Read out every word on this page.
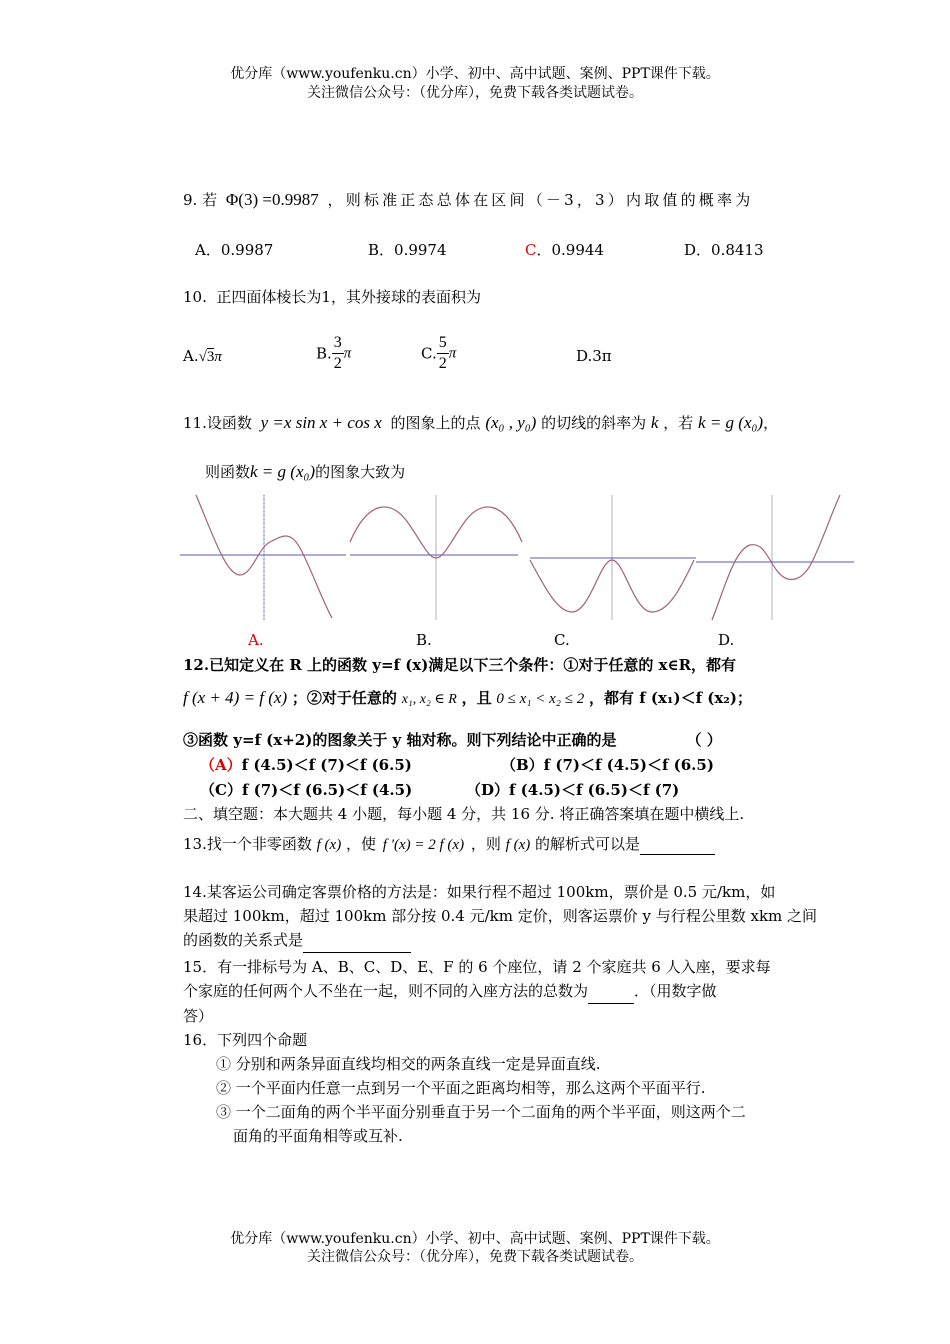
优分库（www.youfenku.cn）小学、初中、高中试题、案例、PPT课件下载。
关注微信公众号：（优分库），免费下载各类试题试卷。
9. 若 Φ(3) =0.9987 ，则标准正态总体在区间（－3，3）内取值的概率为
A．0.9987	B．0.9974	C．0.9944	D．0.8413
10. 正四面体棱长为1，其外接球的表面积为
A.√3π	B. $\frac{3}{2}$ π	C. $\frac{5}{2}$ π	D.3π
11.设函数 y =x sin x + cos x 的图象上的点 (x₀ , y₀) 的切线的斜率为 k ，若 k = g (x₀)，
则函数k = g (x₀)的图象大致为
A.	B.	C.	D.
12.已知定义在 R 上的函数 y=f (x)满足以下三个条件：①对于任意的 x∈R，都有
f (x + 4) = f (x) ；②对于任意的 x₁, x₂ ∈ R ，且 0 ≤ x₁ < x₂ ≤ 2 ，都有 f (x₁)＜f (x₂)；
③函数 y=f (x+2)的图象关于 y 轴对称。则下列结论中正确的是	（ ）
（A）f (4.5)＜f (7)＜f (6.5)	（B）f (7)＜f (4.5)＜f (6.5)
（C）f (7)＜f (6.5)＜f (4.5)	（D）f (4.5)＜f (6.5)＜f (7)
二、填空题：本大题共 4 小题，每小题 4 分，共 16 分. 将正确答案填在题中横线上.
13.找一个非零函数 f (x) ，使 f ′(x) = 2 f (x) ，则 f (x) 的解析式可以是

14.某客运公司确定客票价格的方法是：如果行程不超过 100km，票价是 0.5 元/km，如

果超过 100km，超过 100km 部分按 0.4 元/km 定价，则客运票价 y 与行程公里数 xkm 之间

的函数的关系式是

15．有一排标号为 A、B、C、D、E、F 的 6 个座位，请 2 个家庭共 6 人入座，要求每

个家庭的任何两个人不坐在一起，则不同的入座方法的总数为	．（用数字做

答）

16．下列四个命题

① 分别和两条异面直线均相交的两条直线一定是异面直线.

② 一个平面内任意一点到另一个平面之距离均相等，那么这两个平面平行.

③ 一个二面角的两个半平面分别垂直于另一个二面角的两个半平面，则这两个二

面角的平面角相等或互补.

优分库（www.youfenku.cn）小学、初中、高中试题、案例、PPT课件下载。
关注微信公众号：（优分库），免费下载各类试题试卷。
